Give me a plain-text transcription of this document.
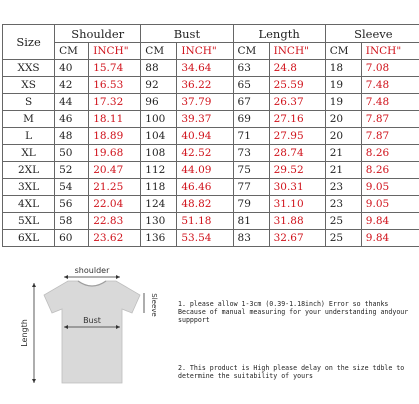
Size	Shoulder		Bust		Length		Sleeve	
	CM	INCH"	CM	INCH"	CM	INCH"	CM	INCH"
XXS	40	15.74	88	34.64	63	24.8	18	7.08
XS	42	16.53	92	36.22	65	25.59	19	7.48
S	44	17.32	96	37.79	67	26.37	19	7.48
M	46	18.11	100	39.37	69	27.16	20	7.87
L	48	18.89	104	40.94	71	27.95	20	7.87
XL	50	19.68	108	42.52	73	28.74	21	8.26
2XL	52	20.47	112	44.09	75	29.52	21	8.26
3XL	54	21.25	118	46.46	77	30.31	23	9.05
4XL	56	22.04	124	48.82	79	31.10	23	9.05
5XL	58	22.83	130	51.18	81	31.88	25	9.84
6XL	60	23.62	136	53.54	83	32.67	25	9.84
shoulder
Bust
Length
Sleeve	1. please allow 1-3cm (0.39-1.18inch) Error so thanks Because of manual measuring for your understanding andyour suppport

2. This product is High please delay on the size tdble to determine the suitability of yours
